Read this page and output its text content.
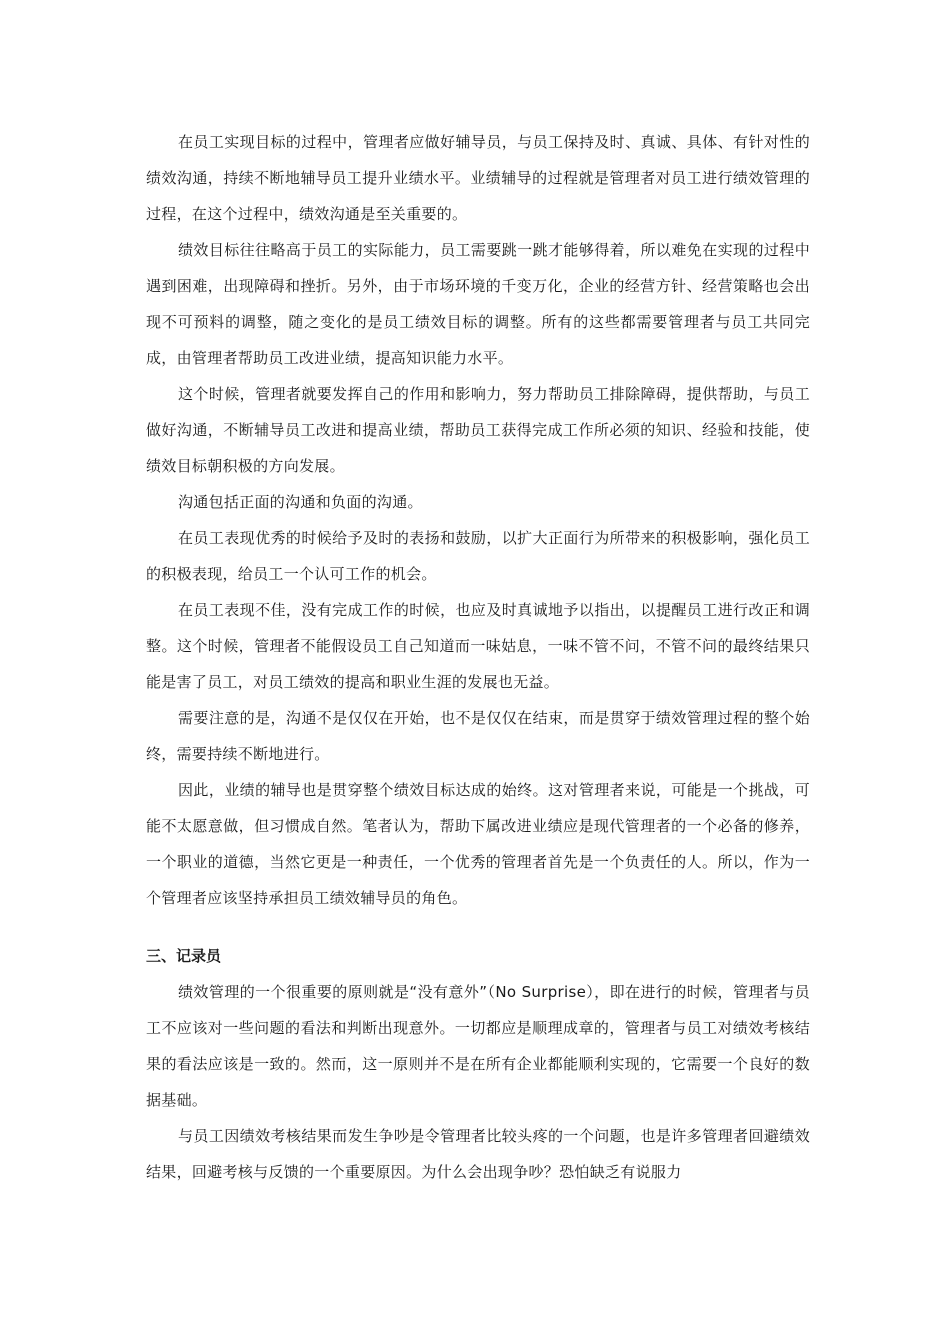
在员工实现目标的过程中，管理者应做好辅导员，与员工保持及时、真诚、具体、有针对性的绩效沟通，持续不断地辅导员工提升业绩水平。业绩辅导的过程就是管理者对员工进行绩效管理的过程，在这个过程中，绩效沟通是至关重要的。

绩效目标往往略高于员工的实际能力，员工需要跳一跳才能够得着，所以难免在实现的过程中遇到困难，出现障碍和挫折。另外，由于市场环境的千变万化，企业的经营方针、经营策略也会出现不可预料的调整，随之变化的是员工绩效目标的调整。所有的这些都需要管理者与员工共同完成，由管理者帮助员工改进业绩，提高知识能力水平。

这个时候，管理者就要发挥自己的作用和影响力，努力帮助员工排除障碍，提供帮助，与员工做好沟通，不断辅导员工改进和提高业绩，帮助员工获得完成工作所必须的知识、经验和技能，使绩效目标朝积极的方向发展。

沟通包括正面的沟通和负面的沟通。

在员工表现优秀的时候给予及时的表扬和鼓励，以扩大正面行为所带来的积极影响，强化员工的积极表现，给员工一个认可工作的机会。

在员工表现不佳，没有完成工作的时候，也应及时真诚地予以指出，以提醒员工进行改正和调整。这个时候，管理者不能假设员工自己知道而一味姑息，一味不管不问，不管不问的最终结果只能是害了员工，对员工绩效的提高和职业生涯的发展也无益。

需要注意的是，沟通不是仅仅在开始，也不是仅仅在结束，而是贯穿于绩效管理过程的整个始终，需要持续不断地进行。

因此，业绩的辅导也是贯穿整个绩效目标达成的始终。这对管理者来说，可能是一个挑战，可能不太愿意做，但习惯成自然。笔者认为，帮助下属改进业绩应是现代管理者的一个必备的修养，一个职业的道德，当然它更是一种责任，一个优秀的管理者首先是一个负责任的人。所以，作为一个管理者应该坚持承担员工绩效辅导员的角色。

三、记录员

绩效管理的一个很重要的原则就是“没有意外”（No Surprise），即在进行的时候，管理者与员工不应该对一些问题的看法和判断出现意外。一切都应是顺理成章的，管理者与员工对绩效考核结果的看法应该是一致的。然而，这一原则并不是在所有企业都能顺利实现的，它需要一个良好的数据基础。

与员工因绩效考核结果而发生争吵是令管理者比较头疼的一个问题，也是许多管理者回避绩效结果，回避考核与反馈的一个重要原因。为什么会出现争吵？恐怕缺乏有说服力
